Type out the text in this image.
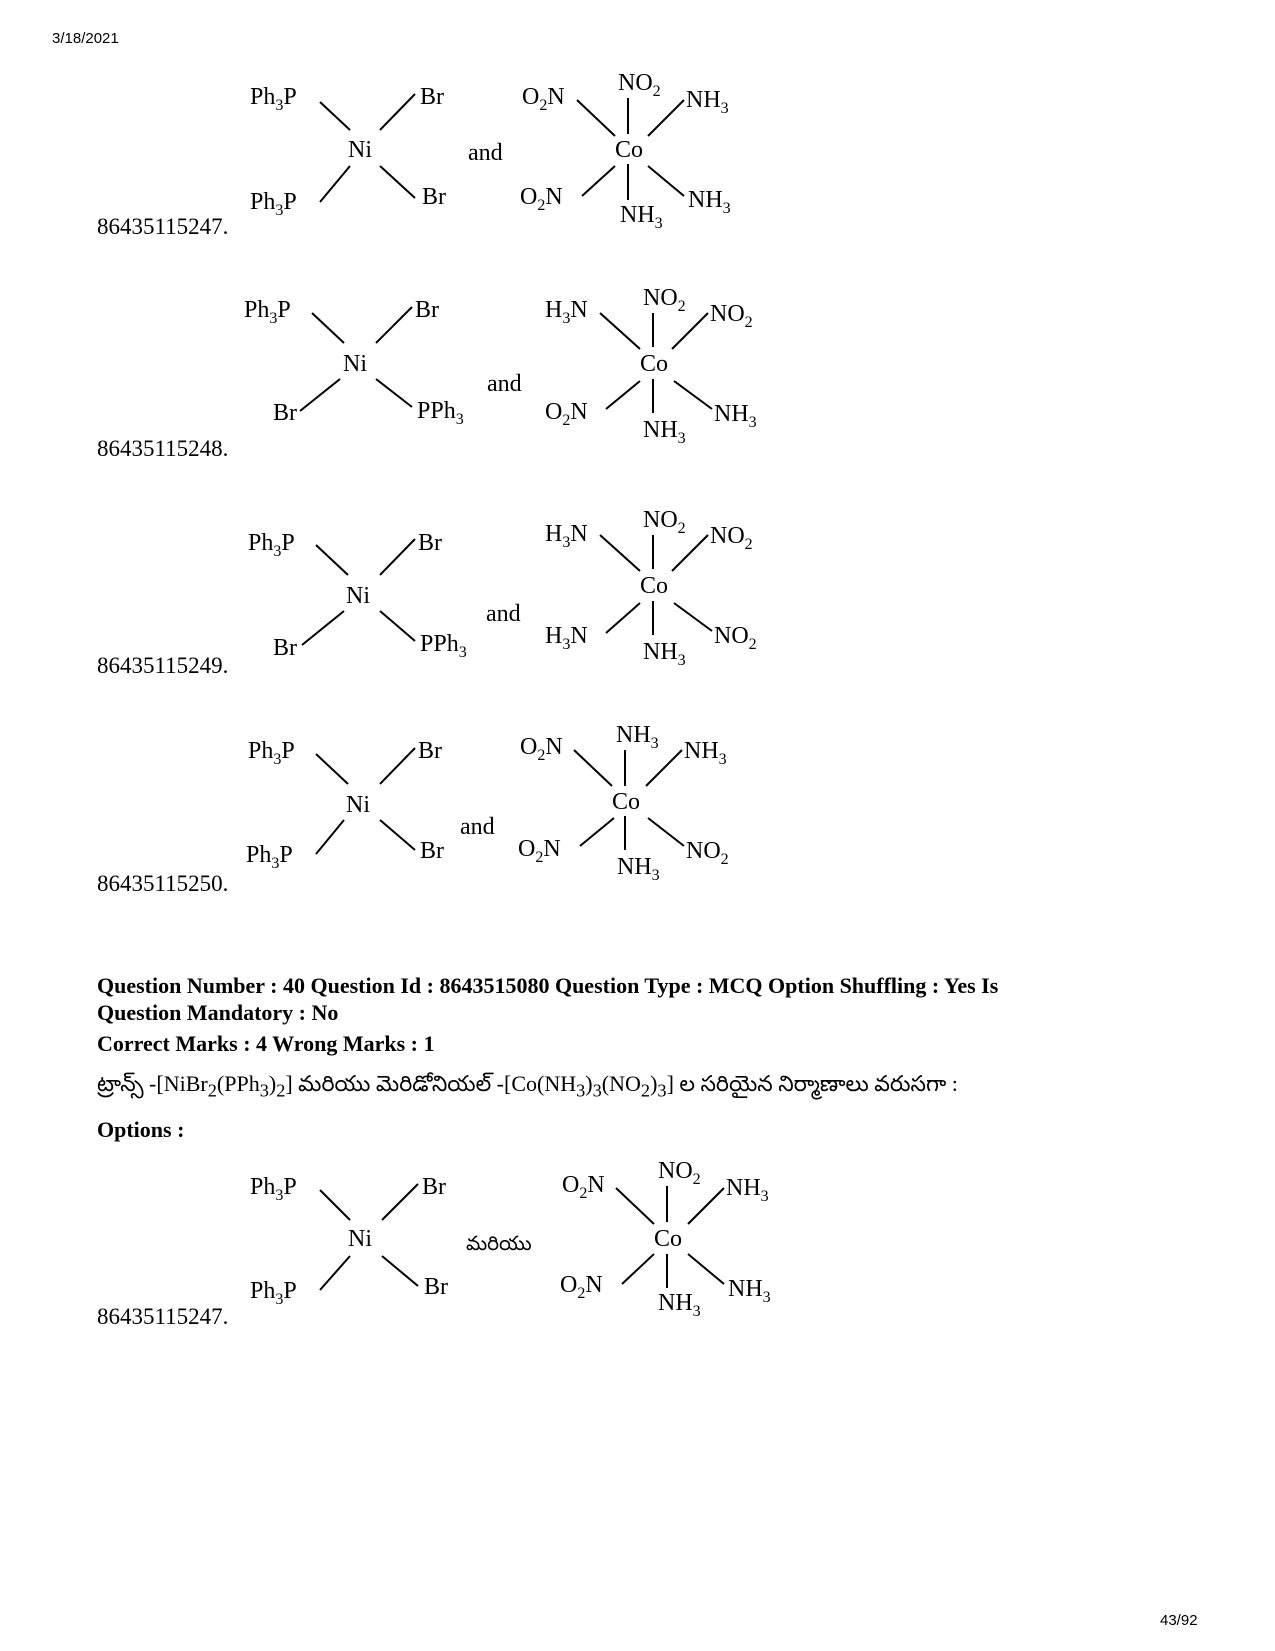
3/18/2021
$Ph_3P$	Br
Ni
$Ph_3P$	Br
and
$O_2N$
$NO_2$ $NH_3$
Co
$O_2N$
$NH_3$
$NH_3$
86435115247.
$Ph_3P$	Br
Ni
Br	PPh$_3$
and
$H_3N$ $NO_2$ $NO_2$
Co
$O_2N$
$NH_3$
$NH_3$
86435115248.
$Ph_3P$	Br
Ni
Br	PPh$_3$
and
$H_3N$
$NO_2$ $NO_2$
Co
$H_3N$
$NH_3$
$NO_2$
86435115249.
$Ph_3P$	Br
Ni
$Ph_3P$	Br
and
$O_2N$ $NH_3$ $NH_3$
Co
$O_2N$
$NH_3$
$NO_2$
86435115250.
Question Number : 40 Question Id : 8643515080 Question Type : MCQ Option Shuffling : Yes Is
Question Mandatory : No
Correct Marks : 4 Wrong Marks : 1
ట్రాన్స్ $-[NiBr_2(PPh_3)_2]$ మరియు మెరిడోనియల్ $-[Co(NH_3)_3(NO_2)_3]$ ల సరియైన నిర్మాణాలు వరుసగా :
Options :
$Ph_3P$	Br
Ni
$Ph_3P$	Br
మరియు
$O_2N$
$NO_2$ $NH_3$
Co
$O_2N$
$NH_3$
$NH_3$
86435115247.
43/92
